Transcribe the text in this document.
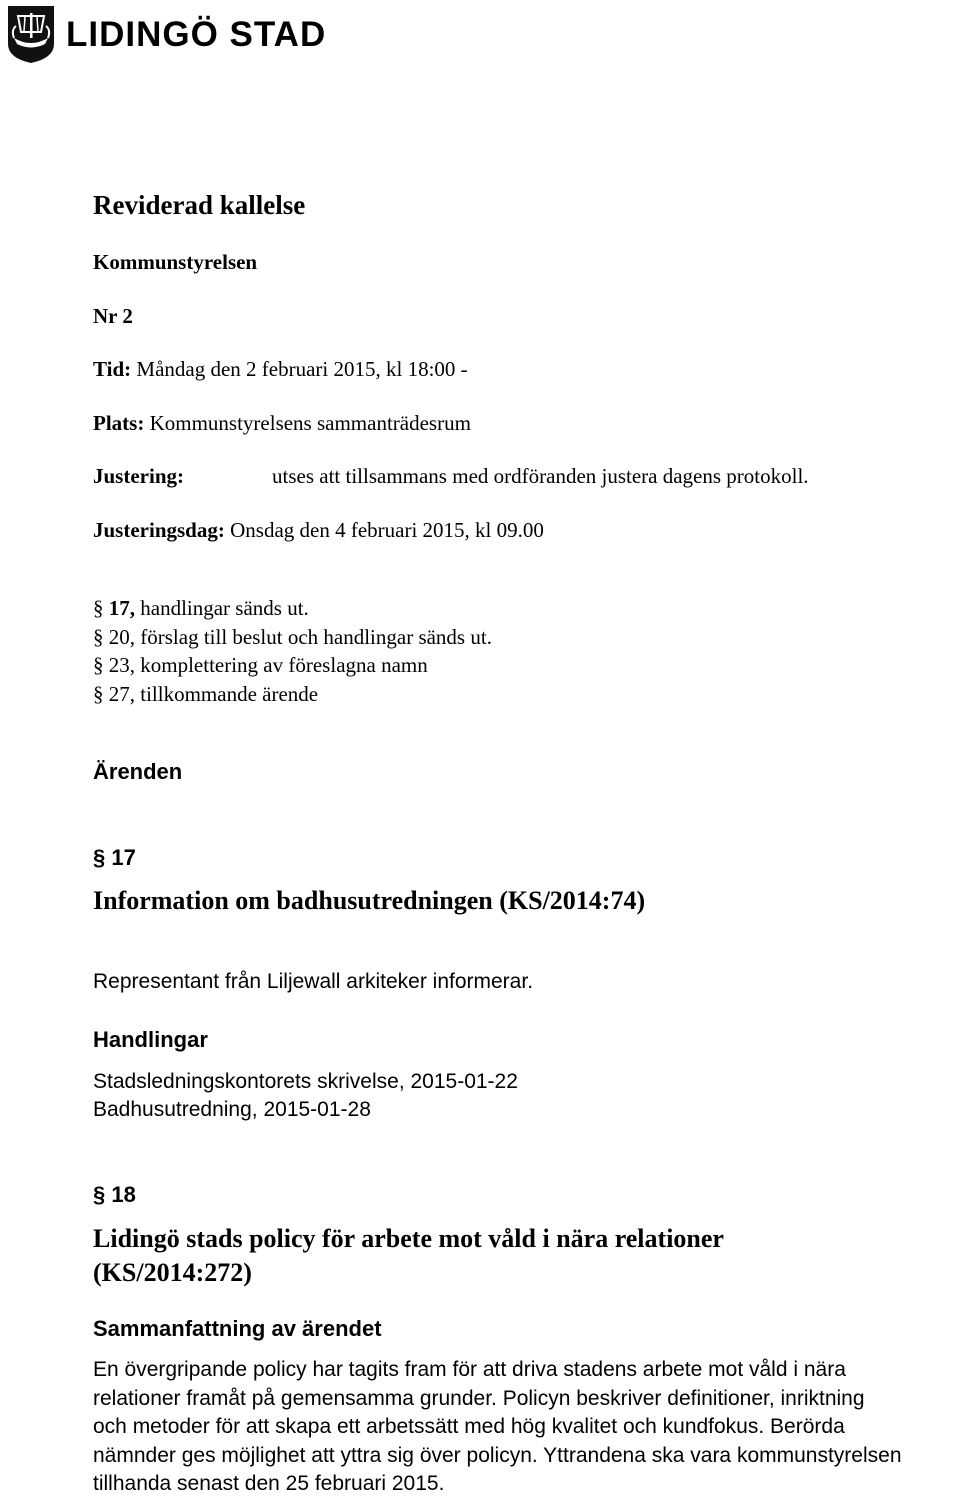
LIDINGÖ STAD
Reviderad kallelse
Kommunstyrelsen
Nr 2
Tid: Måndag den 2 februari 2015, kl 18:00 -
Plats: Kommunstyrelsens sammanträdesrum
Justering:	utses att tillsammans med ordföranden justera dagens protokoll.
Justeringsdag: Onsdag den 4 februari 2015, kl 09.00
§ 17, handlingar sänds ut.
§ 20, förslag till beslut och handlingar sänds ut.
§ 23, komplettering av föreslagna namn
§ 27, tillkommande ärende
Ärenden
§ 17
Information om badhusutredningen (KS/2014:74)
Representant från Liljewall arkiteker informerar.
Handlingar
Stadsledningskontorets skrivelse, 2015-01-22
Badhusutredning, 2015-01-28
§ 18
Lidingö stads policy för arbete mot våld i nära relationer
(KS/2014:272)
Sammanfattning av ärendet
En övergripande policy har tagits fram för att driva stadens arbete mot våld i nära
relationer framåt på gemensamma grunder. Policyn beskriver definitioner, inriktning
och metoder för att skapa ett arbetssätt med hög kvalitet och kundfokus. Berörda
nämnder ges möjlighet att yttra sig över policyn. Yttrandena ska vara kommunstyrelsen
tillhanda senast den 25 februari 2015.
